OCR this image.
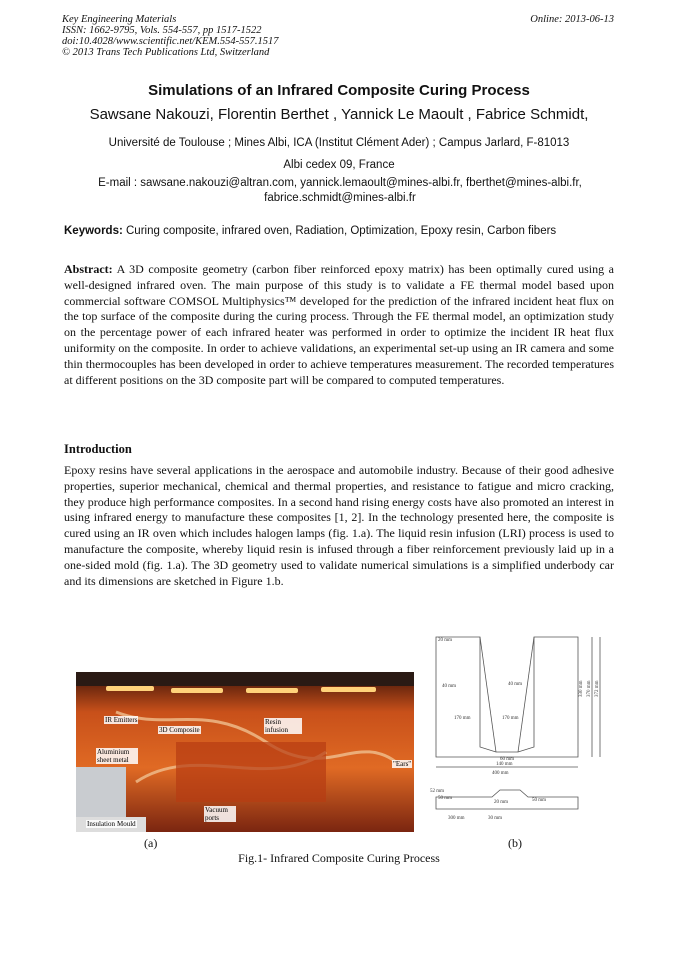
Key Engineering Materials
ISSN: 1662-9795, Vols. 554-557, pp 1517-1522
doi:10.4028/www.scientific.net/KEM.554-557.1517
© 2013 Trans Tech Publications Ltd, Switzerland
Online: 2013-06-13
Simulations of an Infrared Composite Curing Process
Sawsane Nakouzi, Florentin Berthet , Yannick Le Maoult , Fabrice Schmidt,
Université de Toulouse ; Mines Albi, ICA (Institut Clément Ader) ; Campus Jarlard, F-81013
Albi cedex 09, France
E-mail : sawsane.nakouzi@altran.com, yannick.lemaoult@mines-albi.fr, fberthet@mines-albi.fr,
fabrice.schmidt@mines-albi.fr
Keywords: Curing composite, infrared oven, Radiation, Optimization, Epoxy resin, Carbon fibers
Abstract: A 3D composite geometry (carbon fiber reinforced epoxy matrix) has been optimally cured using a well-designed infrared oven. The main purpose of this study is to validate a FE thermal model based upon commercial software COMSOL Multiphysics™ developed for the prediction of the infrared incident heat flux on the top surface of the composite during the curing process. Through the FE thermal model, an optimization study on the percentage power of each infrared heater was performed in order to optimize the incident IR heat flux uniformity on the composite. In order to achieve validations, an experimental set-up using an IR camera and some thin thermocouples has been developed in order to achieve temperatures measurement. The recorded temperatures at different positions on the 3D composite part will be compared to computed temperatures.
Introduction
Epoxy resins have several applications in the aerospace and automobile industry. Because of their good adhesive properties, superior mechanical, chemical and thermal properties, and resistance to fatigue and micro cracking, they produce high performance composites. In a second hand rising energy costs have also promoted an interest in using infrared energy to manufacture these composites [1, 2]. In the technology presented here, the composite is cured using an IR oven which includes halogen lamps (fig. 1.a). The liquid resin infusion (LRI) process is used to manufacture the composite, whereby liquid resin is infused through a fiber reinforcement previously laid up in a one-sided mold (fig. 1.a). The 3D geometry used to validate numerical simulations is a simplified underbody car and its dimensions are sketched in Figure 1.b.
IR Emitters
3D Composite
Resin infusion
Aluminium sheet metal	"Ears"
Insulation Mould
Vacuum ports
20 mm
40 mm	40 mm
170 mm	170 mm
330 mm 370 mm 372 mm
60 mm
140 mm
400 mm
52 mm
50 mm
20 mm	50 mm
300 mm	30 mm
(a)	(b)
Fig.1- Infrared Composite Curing Process
